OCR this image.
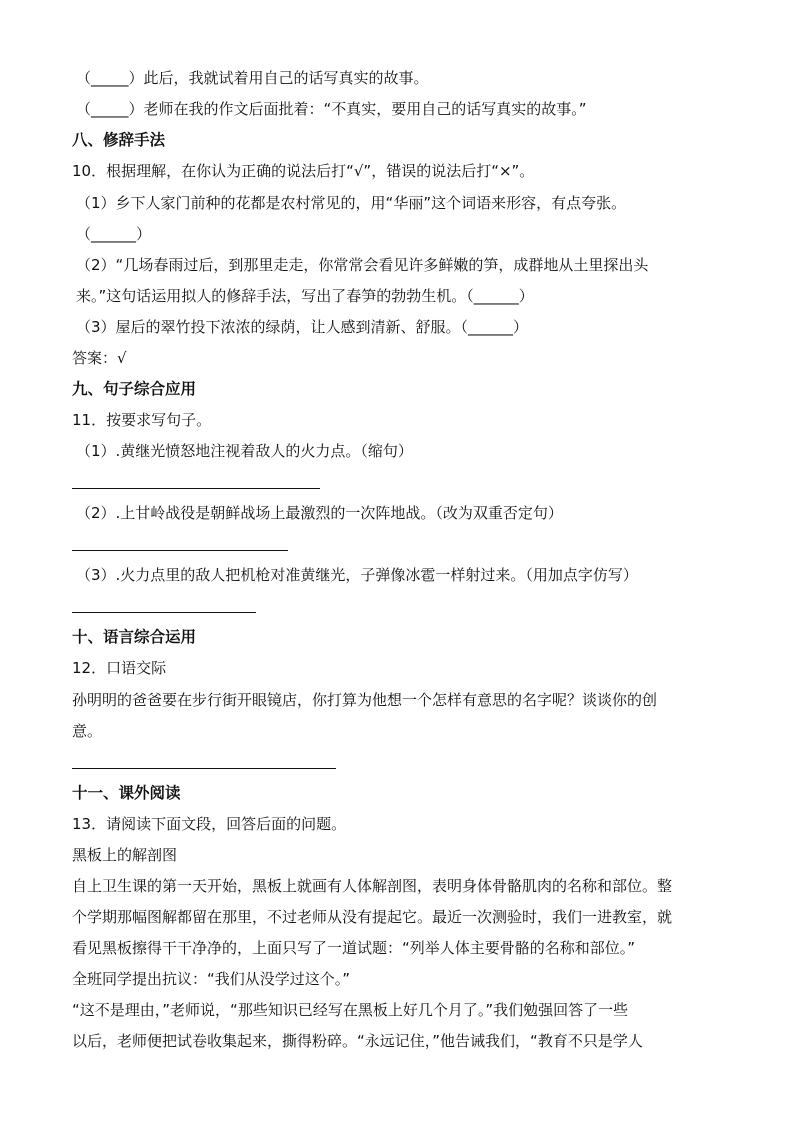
（_____）此后，我就试着用自己的话写真实的故事。
（_____）老师在我的作文后面批着：“不真实，要用自己的话写真实的故事。”
八、修辞手法
10．根据理解，在你认为正确的说法后打“√”，错误的说法后打“×”。
（1）乡下人家门前种的花都是农村常见的，用“华丽”这个词语来形容，有点夸张。
（______）
（2）“几场春雨过后，到那里走走，你常常会看见许多鲜嫩的笋，成群地从土里探出头
来。”这句话运用拟人的修辞手法，写出了春笋的勃勃生机。（______）
（3）屋后的翠竹投下浓浓的绿荫，让人感到清新、舒服。（______）
答案：√
九、句子综合应用
11．按要求写句子。
（1）.黄继光愤怒地注视着敌人的火力点。（缩句）
（2）.上甘岭战役是朝鲜战场上最激烈的一次阵地战。（改为双重否定句）
（3）.火力点里的敌人把机枪对准黄继光，子弹像冰雹一样射过来。（用加点字仿写）
十、语言综合运用
12．口语交际
孙明明的爸爸要在步行街开眼镜店，你打算为他想一个怎样有意思的名字呢？谈谈你的创
意。
十一、课外阅读
13．请阅读下面文段，回答后面的问题。
黑板上的解剖图
自上卫生课的第一天开始，黑板上就画有人体解剖图，表明身体骨骼肌肉的名称和部位。整
个学期那幅图解都留在那里，不过老师从没有提起它。最近一次测验时，我们一进教室，就
看见黑板擦得干干净净的，上面只写了一道试题：“列举人体主要骨骼的名称和部位。”
全班同学提出抗议：“我们从没学过这个。”
“这不是理由，”老师说，“那些知识已经写在黑板上好几个月了。”我们勉强回答了一些
以后，老师便把试卷收集起来，撕得粉碎。“永远记住，”他告诫我们，“教育不只是学人
